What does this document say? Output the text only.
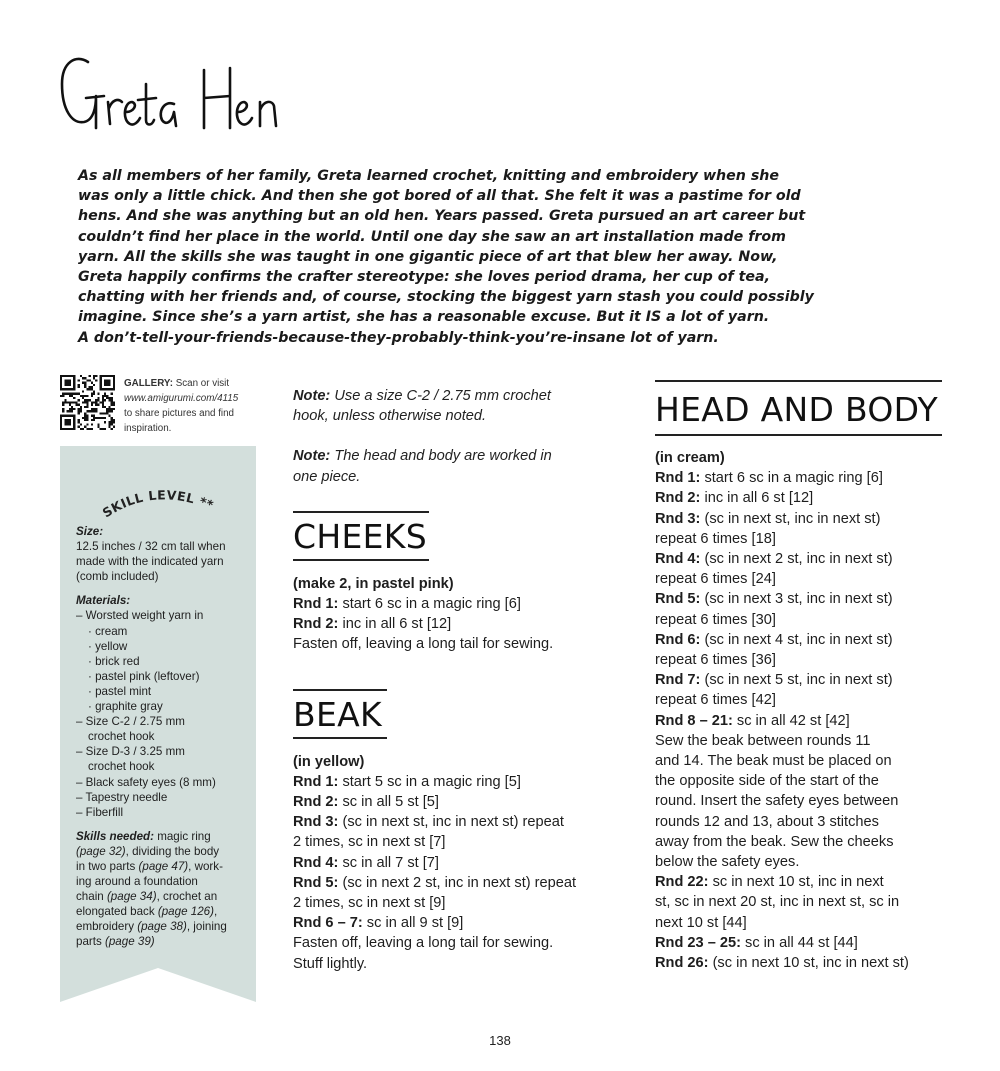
As all members of her family, Greta learned crochet, knitting and embroidery when she
was only a little chick. And then she got bored of all that. She felt it was a pastime for old
hens. And she was anything but an old hen. Years passed. Greta pursued an art career but
couldn’t find her place in the world. Until one day she saw an art installation made from
yarn. All the skills she was taught in one gigantic piece of art that blew her away. Now,
Greta happily confirms the crafter stereotype: she loves period drama, her cup of tea,
chatting with her friends and, of course, stocking the biggest yarn stash you could possibly
imagine. Since she’s a yarn artist, she has a reasonable excuse. But it IS a lot of yarn.
A don’t-tell-your-friends-because-they-probably-think-you’re-insane lot of yarn.
GALLERY: Scan or visit
www.amigurumi.com/4115
to share pictures and find
inspiration.
SKILL LEVEL **
Size:
12.5 inches / 32 cm tall when
made with the indicated yarn
(comb included)
Materials:
– Worsted weight yarn in
· cream
· yellow
· brick red
· pastel pink (leftover)
· pastel mint
· graphite gray
– Size C-2 / 2.75 mm
crochet hook
– Size D-3 / 3.25 mm
crochet hook
– Black safety eyes (8 mm)
– Tapestry needle
– Fiberfill
Skills needed: magic ring
(page 32), dividing the body
in two parts (page 47), work-
ing around a foundation
chain (page 34), crochet an
elongated back (page 126),
embroidery (page 38), joining
parts (page 39)
Note: Use a size C-2 / 2.75 mm crochet
hook, unless otherwise noted.
Note: The head and body are worked in
one piece.
CHEEKS
(make 2, in pastel pink)
Rnd 1: start 6 sc in a magic ring [6]
Rnd 2: inc in all 6 st [12]
Fasten off, leaving a long tail for sewing.
BEAK
(in yellow)
Rnd 1: start 5 sc in a magic ring [5]
Rnd 2: sc in all 5 st [5]
Rnd 3: (sc in next st, inc in next st) repeat
2 times, sc in next st [7]
Rnd 4: sc in all 7 st [7]
Rnd 5: (sc in next 2 st, inc in next st) repeat
2 times, sc in next st [9]
Rnd 6 – 7: sc in all 9 st [9]
Fasten off, leaving a long tail for sewing.
Stuff lightly.
HEAD AND BODY
(in cream)
Rnd 1: start 6 sc in a magic ring [6]
Rnd 2: inc in all 6 st [12]
Rnd 3: (sc in next st, inc in next st)
repeat 6 times [18]
Rnd 4: (sc in next 2 st, inc in next st)
repeat 6 times [24]
Rnd 5: (sc in next 3 st, inc in next st)
repeat 6 times [30]
Rnd 6: (sc in next 4 st, inc in next st)
repeat 6 times [36]
Rnd 7: (sc in next 5 st, inc in next st)
repeat 6 times [42]
Rnd 8 – 21: sc in all 42 st [42]
Sew the beak between rounds 11
and 14. The beak must be placed on
the opposite side of the start of the
round. Insert the safety eyes between
rounds 12 and 13, about 3 stitches
away from the beak. Sew the cheeks
below the safety eyes.
Rnd 22: sc in next 10 st, inc in next
st, sc in next 20 st, inc in next st, sc in
next 10 st [44]
Rnd 23 – 25: sc in all 44 st [44]
Rnd 26: (sc in next 10 st, inc in next st)
138
